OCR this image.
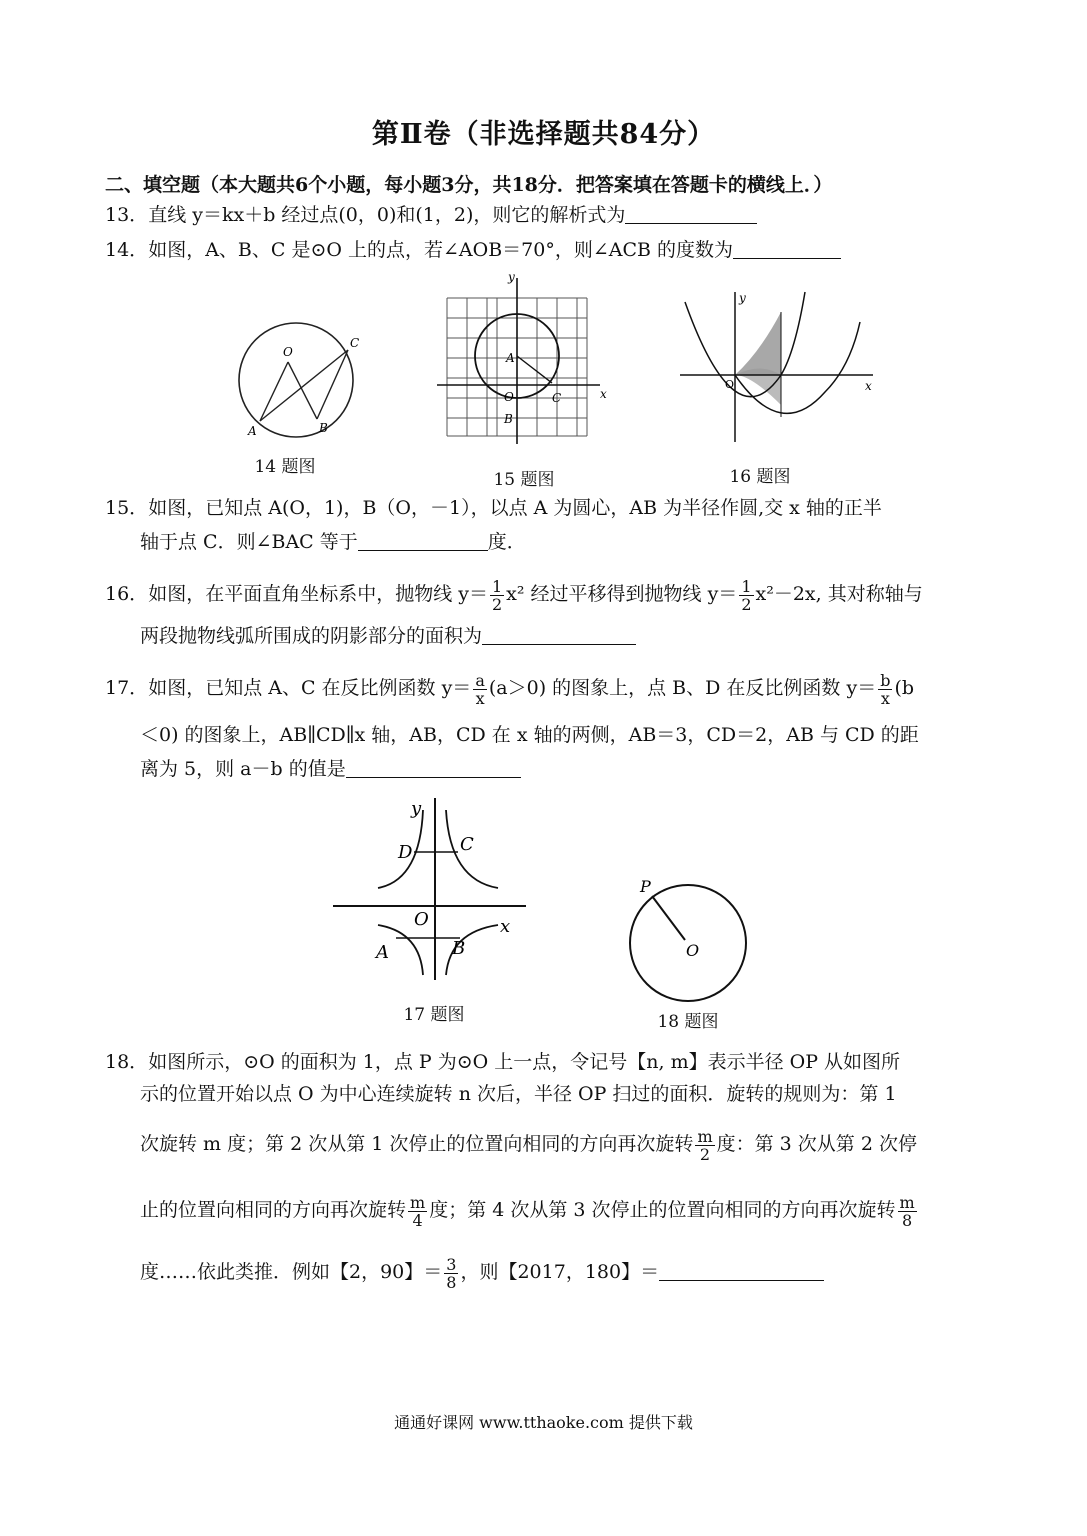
第Ⅱ卷（非选择题共84分）
二、填空题（本大题共6个小题，每小题3分，共18分．把答案填在答题卡的横线上．）
13．直线 y＝kx＋b 经过点(0，0)和(1，2)，则它的解析式为
14．如图，A、B、C 是⊙O 上的点，若∠AOB＝70°，则∠ACB 的度数为
O
A	B
C
14 题图
y
x
A
O	C
B
15 题图
y
x
O
16 题图
15．如图，已知点 A(O，1)，B（O，－1），以点 A 为圆心，AB 为半径作圆,交 x 轴的正半
轴于点 C．则∠BAC 等于	度．
16．如图，在平面直角坐标系中，抛物线 $y= \frac{1}{2} x^2$ 经过平移得到抛物线 $y= \frac{1}{2} x^2-2x$, 其对称轴与
两段抛物线弧所围成的阴影部分的面积为
17．如图，已知点 A、C 在反比例函数 $y= \frac{a}{x} (a>0)$ 的图象上，点 B、D 在反比例函数 $y= \frac{b}{x} (b$
＜0) 的图象上，AB∥CD∥x 轴，AB，CD 在 x 轴的两侧，AB＝3，CD＝2，AB 与 CD 的距
离为 5，则 a－b 的值是
y
x
O
D	C
A	B
17 题图
P
O
18 题图
18．如图所示，⊙O 的面积为 1，点 P 为⊙O 上一点，令记号【n, m】表示半径 OP 从如图所
示的位置开始以点 O 为中心连续旋转 n 次后，半径 OP 扫过的面积．旋转的规则为：第 1
次旋转 m 度；第 2 次从第 1 次停止的位置向相同的方向再次旋转 $\frac{m}{2}$ 度：第 3 次从第 2 次停
止的位置向相同的方向再次旋转 $\frac{m}{4}$ 度；第 4 次从第 3 次停止的位置向相同的方向再次旋转 $\frac{m}{8}$
度……依此类推．例如【2，90】＝ $\frac{3}{8}$ ，则【2017，180】＝
通通好课网 www.tthaoke.com 提供下载
